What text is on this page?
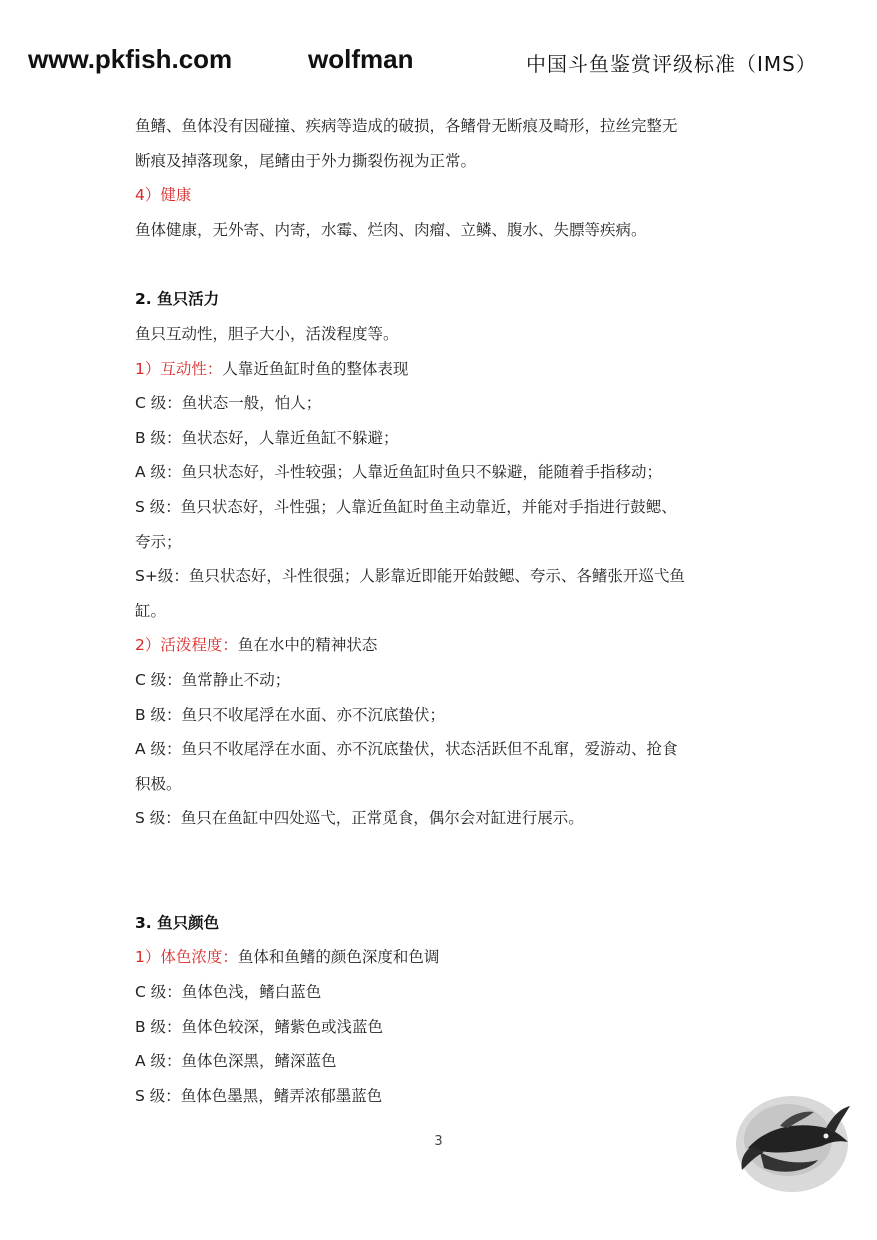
www.pkfish.com	wolfman	中国斗鱼鉴赏评级标准（IMS）
鱼鳍、鱼体没有因碰撞、疾病等造成的破损，各鳍骨无断痕及畸形，拉丝完整无
断痕及掉落现象，尾鳍由于外力撕裂伤视为正常。
4）健康
鱼体健康，无外寄、内寄，水霉、烂肉、肉瘤、立鳞、腹水、失膘等疾病。
2. 鱼只活力
鱼只互动性，胆子大小，活泼程度等。
1）互动性：人靠近鱼缸时鱼的整体表现
C 级：鱼状态一般，怕人；
B 级：鱼状态好，人靠近鱼缸不躲避；
A 级：鱼只状态好，斗性较强；人靠近鱼缸时鱼只不躲避，能随着手指移动；
S 级：鱼只状态好，斗性强；人靠近鱼缸时鱼主动靠近，并能对手指进行鼓鳃、
夸示；
S+级：鱼只状态好，斗性很强；人影靠近即能开始鼓鳃、夸示、各鳍张开巡弋鱼
缸。
2）活泼程度：鱼在水中的精神状态
C 级：鱼常静止不动；
B 级：鱼只不收尾浮在水面、亦不沉底蛰伏；
A 级：鱼只不收尾浮在水面、亦不沉底蛰伏，状态活跃但不乱窜，爱游动、抢食
积极。
S 级：鱼只在鱼缸中四处巡弋，正常觅食，偶尔会对缸进行展示。
3. 鱼只颜色
1）体色浓度：鱼体和鱼鳍的颜色深度和色调
C 级：鱼体色浅，鳍白蓝色
B 级：鱼体色较深，鳍紫色或浅蓝色
A 级：鱼体色深黑，鳍深蓝色
S 级：鱼体色墨黑，鳍弄浓郁墨蓝色
3
